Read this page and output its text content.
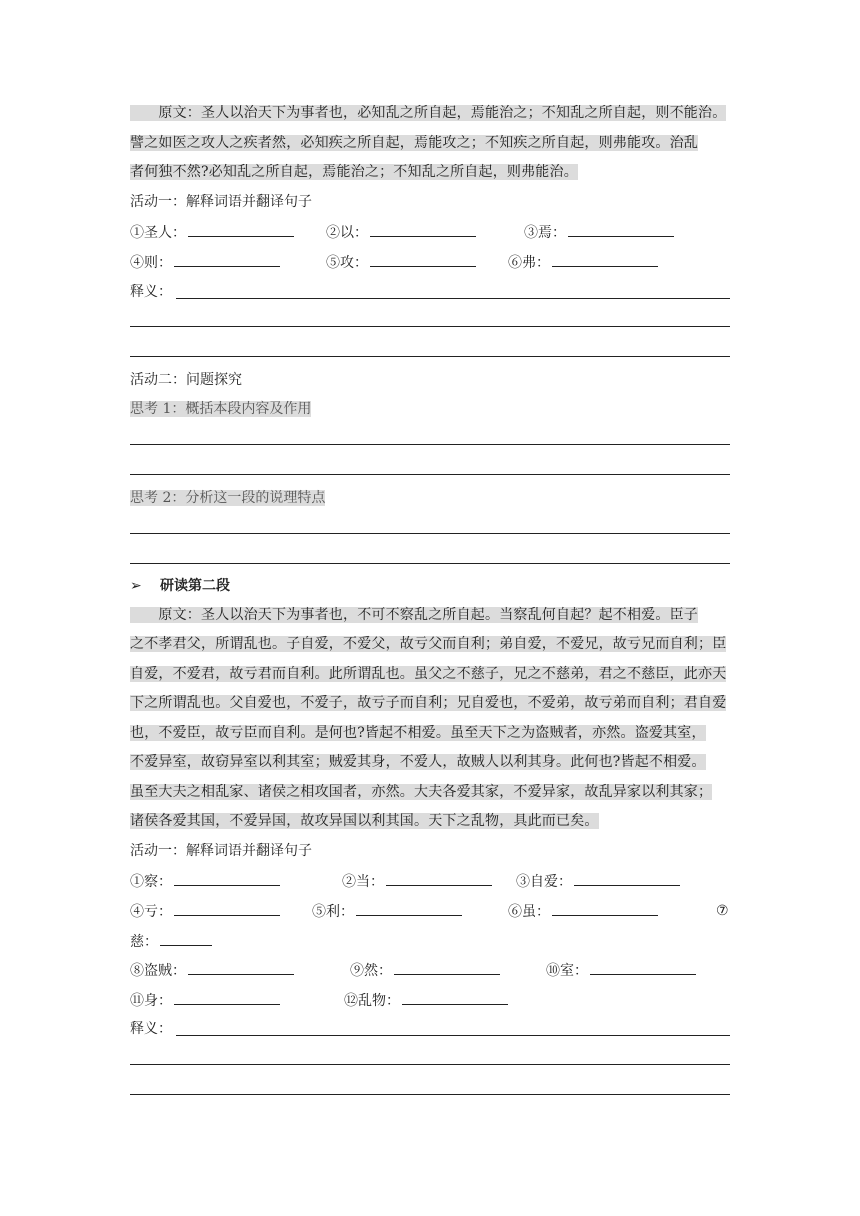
　　原文：圣人以治天下为事者也，必知乱之所自起，焉能治之；不知乱之所自起，则不能治。
譬之如医之攻人之疾者然，必知疾之所自起，焉能攻之；不知疾之所自起，则弗能攻。治乱
者何独不然?必知乱之所自起，焉能治之；不知乱之所自起，则弗能治。
活动一：解释词语并翻译句子
①圣人：	②以：	③焉：
④则：	⑤攻：	⑥弗：
释义：
活动二：问题探究
思考 1：概括本段内容及作用
思考 2：分析这一段的说理特点
➢ 研读第二段
　　原文：圣人以治天下为事者也，不可不察乱之所自起。当察乱何自起？起不相爱。臣子
之不孝君父，所谓乱也。子自爱，不爱父，故亏父而自利；弟自爱，不爱兄，故亏兄而自利；臣
自爱，不爱君，故亏君而自利。此所谓乱也。虽父之不慈子，兄之不慈弟，君之不慈臣，此亦天
下之所谓乱也。父自爱也，不爱子，故亏子而自利；兄自爱也，不爱弟，故亏弟而自利；君自爱
也，不爱臣，故亏臣而自利。是何也?皆起不相爱。虽至天下之为盗贼者，亦然。盗爱其室，
不爱异室，故窃异室以利其室；贼爱其身，不爱人，故贼人以利其身。此何也?皆起不相爱。
虽至大夫之相乱家、诸侯之相攻国者，亦然。大夫各爱其家，不爱异家，故乱异家以利其家；
诸侯各爱其国，不爱异国，故攻异国以利其国。天下之乱物，具此而已矣。
活动一：解释词语并翻译句子
①察：	②当：	③自爱：
④亏：	⑤利：	⑥虽：	⑦
慈：
⑧盗贼：	⑨然：	⑩室：
⑪身：	⑫乱物：
释义：
